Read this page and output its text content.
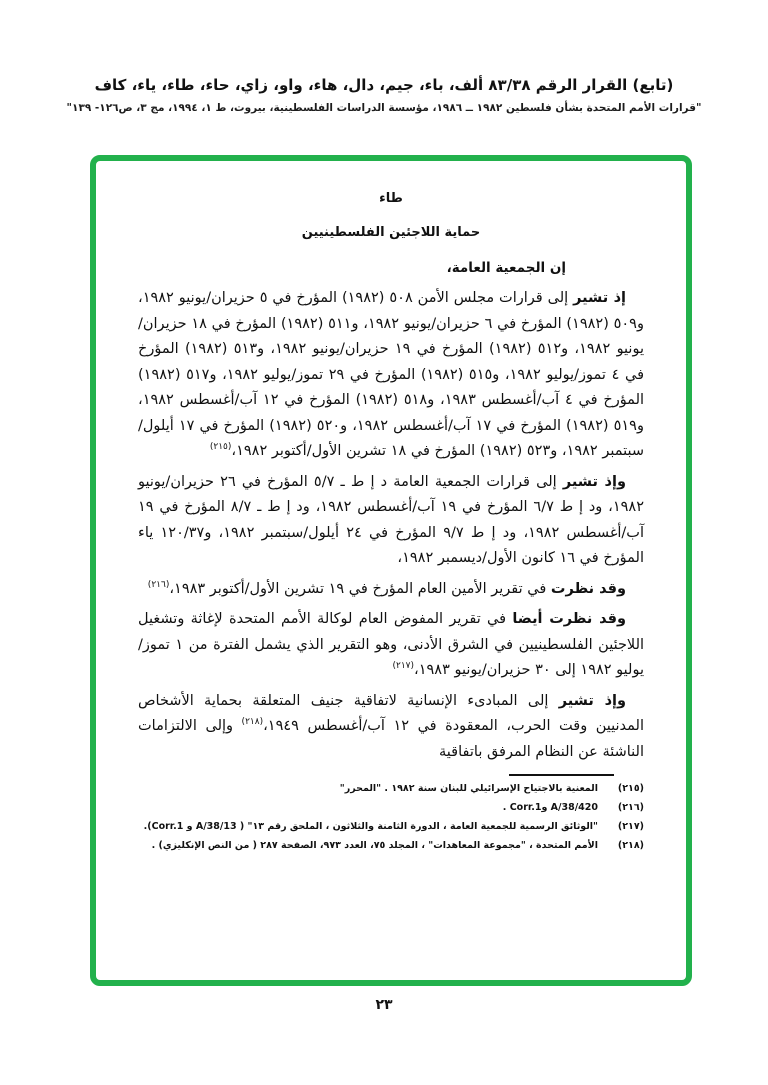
(تابع) القرار الرقم ٨٣/٣٨ ألف، باء، جيم، دال، هاء، واو، زاي، حاء، طاء، ياء، كاف
"قرارات الأمم المتحدة بشأن فلسطين ١٩٨٢ ــ ١٩٨٦، مؤسسة الدراسات الفلسطينية، بيروت، ط ١، ١٩٩٤، مج ٣، ص١٢٦- ١٣٩"
طاء
حماية اللاجئين الفلسطينيين
إن الجمعية العامة،

إذ تشير إلى قرارات مجلس الأمن ٥٠٨ (١٩٨٢) المؤرخ في ٥ حزيران/يونيو ١٩٨٢، و٥٠٩ (١٩٨٢) المؤرخ في ٦ حزيران/يونيو ١٩٨٢، و٥١١ (١٩٨٢) المؤرخ في ١٨ حزيران/يونيو ١٩٨٢، و٥١٢ (١٩٨٢) المؤرخ في ١٩ حزيران/يونيو ١٩٨٢، و٥١٣ (١٩٨٢) المؤرخ في ٤ تموز/يوليو ١٩٨٢، و٥١٥ (١٩٨٢) المؤرخ في ٢٩ تموز/يوليو ١٩٨٢، و٥١٧ (١٩٨٢) المؤرخ في ٤ آب/أغسطس ١٩٨٣، و٥١٨ (١٩٨٢) المؤرخ في ١٢ آب/أغسطس ١٩٨٢، و٥١٩ (١٩٨٢) المؤرخ في ١٧ آب/أغسطس ١٩٨٢، و٥٢٠ (١٩٨٢) المؤرخ في ١٧ أيلول/سبتمبر ١٩٨٢، و٥٢٣ (١٩٨٢) المؤرخ في ١٨ تشرين الأول/أكتوبر ١٩٨٢،$^{(٢١٥)}$

وإذ تشير إلى قرارات الجمعية العامة د إ ط ـ ٥/٧ المؤرخ في ٢٦ حزيران/يونيو ١٩٨٢، ود إ ط ٦/٧ المؤرخ في ١٩ آب/أغسطس ١٩٨٢، ود إ ط ـ ٨/٧ المؤرخ في ١٩ آب/أغسطس ١٩٨٢، ود إ ط ٩/٧ المؤرخ في ٢٤ أيلول/سبتمبر ١٩٨٢، و١٢٠/٣٧ ياء المؤرخ في ١٦ كانون الأول/ديسمبر ١٩٨٢،

وقد نظرت في تقرير الأمين العام المؤرخ في ١٩ تشرين الأول/أكتوبر ١٩٨٣،$^{(٢١٦)}$

وقد نظرت أيضا في تقرير المفوض العام لوكالة الأمم المتحدة لإغاثة وتشغيل اللاجئين الفلسطينيين في الشرق الأدنى، وهو التقرير الذي يشمل الفترة من ١ تموز/يوليو ١٩٨٢ إلى ٣٠ حزيران/يونيو ١٩٨٣،$^{(٢١٧)}$

وإذ تشير إلى المبادىء الإنسانية لاتفاقية جنيف المتعلقة بحماية الأشخاص المدنيين وقت الحرب، المعقودة في ١٢ آب/أغسطس ١٩٤٩،$^{(٢١٨)}$ وإلى الالتزامات الناشئة عن النظام المرفق باتفاقية

(٢١٥)
المعنية بالاجتياح الإسرائيلي للبنان سنة ١٩٨٢ . "المحرر"
(٢١٦)
A/38/420 وCorr.1 .
(٢١٧)
"الوثائق الرسمية للجمعية العامة ، الدورة الثامنة والثلاثون ، الملحق رقم ١٣" ( A/38/13 و Corr.1).
(٢١٨)
الأمم المتحدة ، "مجموعة المعاهدات" ، المجلد ٧٥، العدد ٩٧٣، الصفحة ٢٨٧ ( من النص الإنكليزي) .
٢٣
